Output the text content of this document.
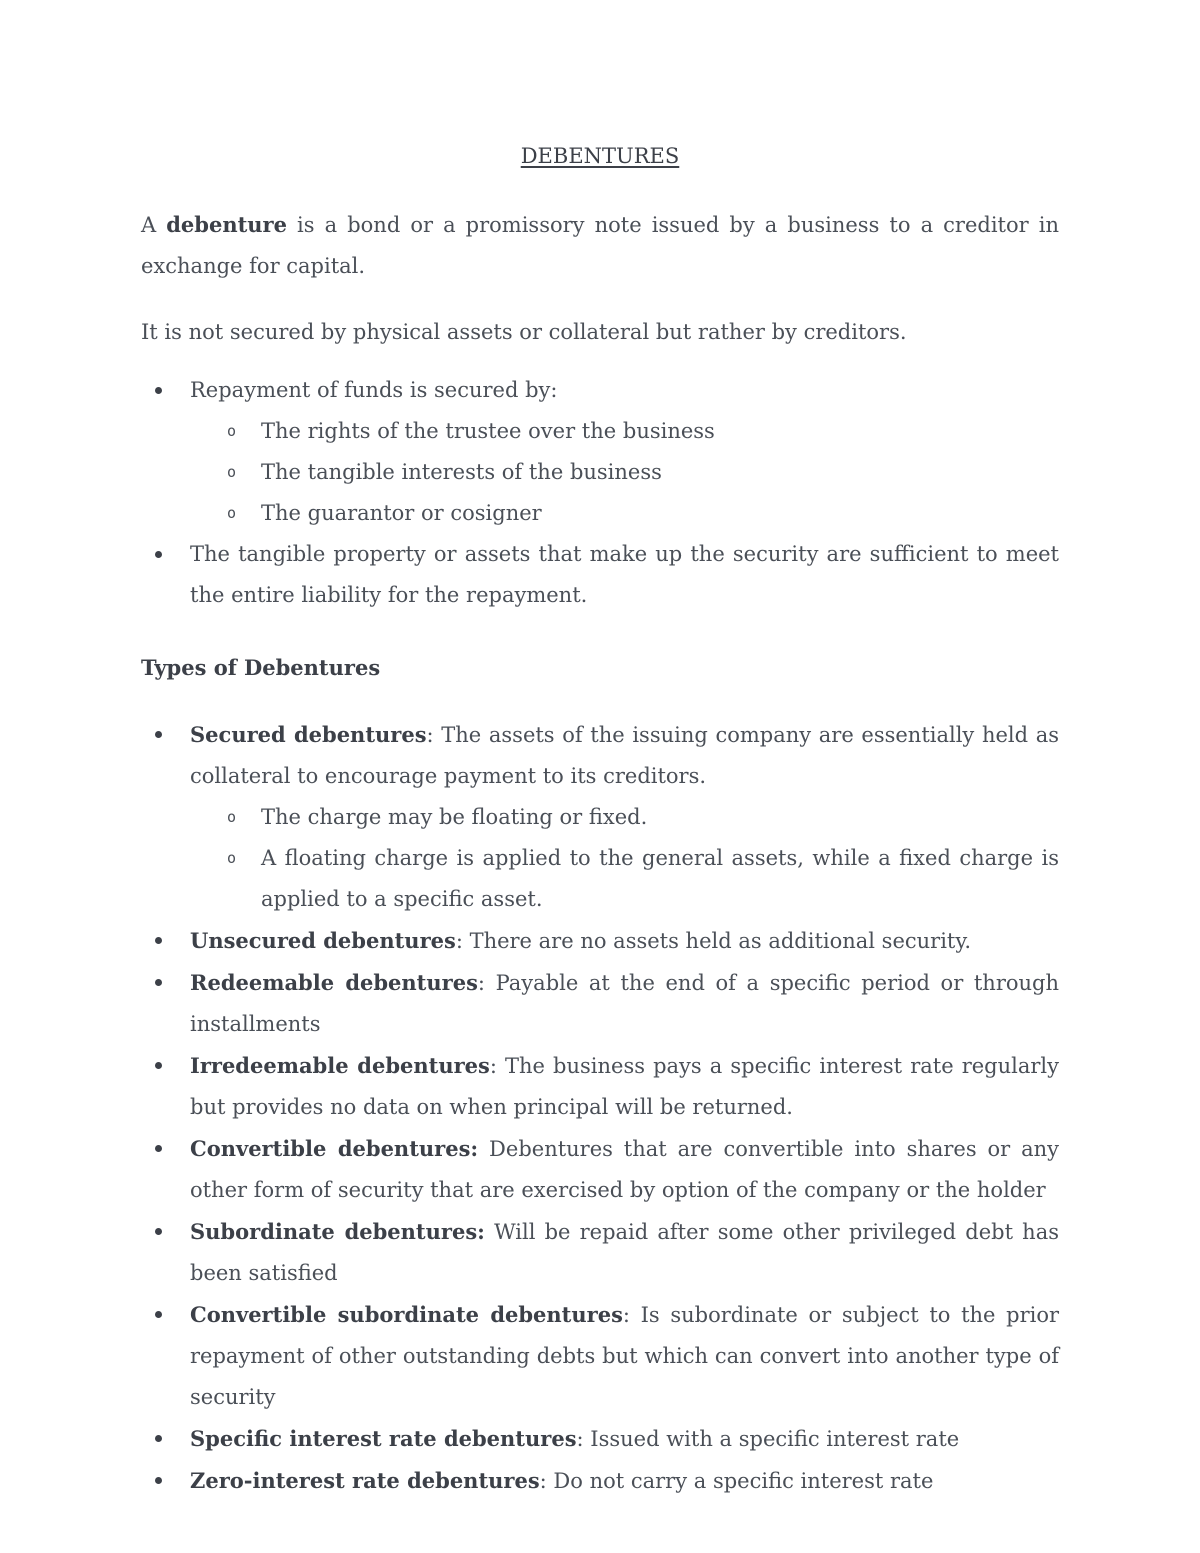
DEBENTURES
A debenture is a bond or a promissory note issued by a business to a creditor in exchange for capital.
It is not secured by physical assets or collateral but rather by creditors.
Repayment of funds is secured by:
o The rights of the trustee over the business
o The tangible interests of the business
o The guarantor or cosigner
The tangible property or assets that make up the security are sufficient to meet the entire liability for the repayment.
Types of Debentures
Secured debentures: The assets of the issuing company are essentially held as collateral to encourage payment to its creditors.
o The charge may be floating or fixed.
o A floating charge is applied to the general assets, while a fixed charge is applied to a specific asset.
Unsecured debentures: There are no assets held as additional security.
Redeemable debentures: Payable at the end of a specific period or through installments
Irredeemable debentures: The business pays a specific interest rate regularly but provides no data on when principal will be returned.
Convertible debentures: Debentures that are convertible into shares or any other form of security that are exercised by option of the company or the holder
Subordinate debentures: Will be repaid after some other privileged debt has been satisfied
Convertible subordinate debentures: Is subordinate or subject to the prior repayment of other outstanding debts but which can convert into another type of security
Specific interest rate debentures: Issued with a specific interest rate
Zero-interest rate debentures: Do not carry a specific interest rate
